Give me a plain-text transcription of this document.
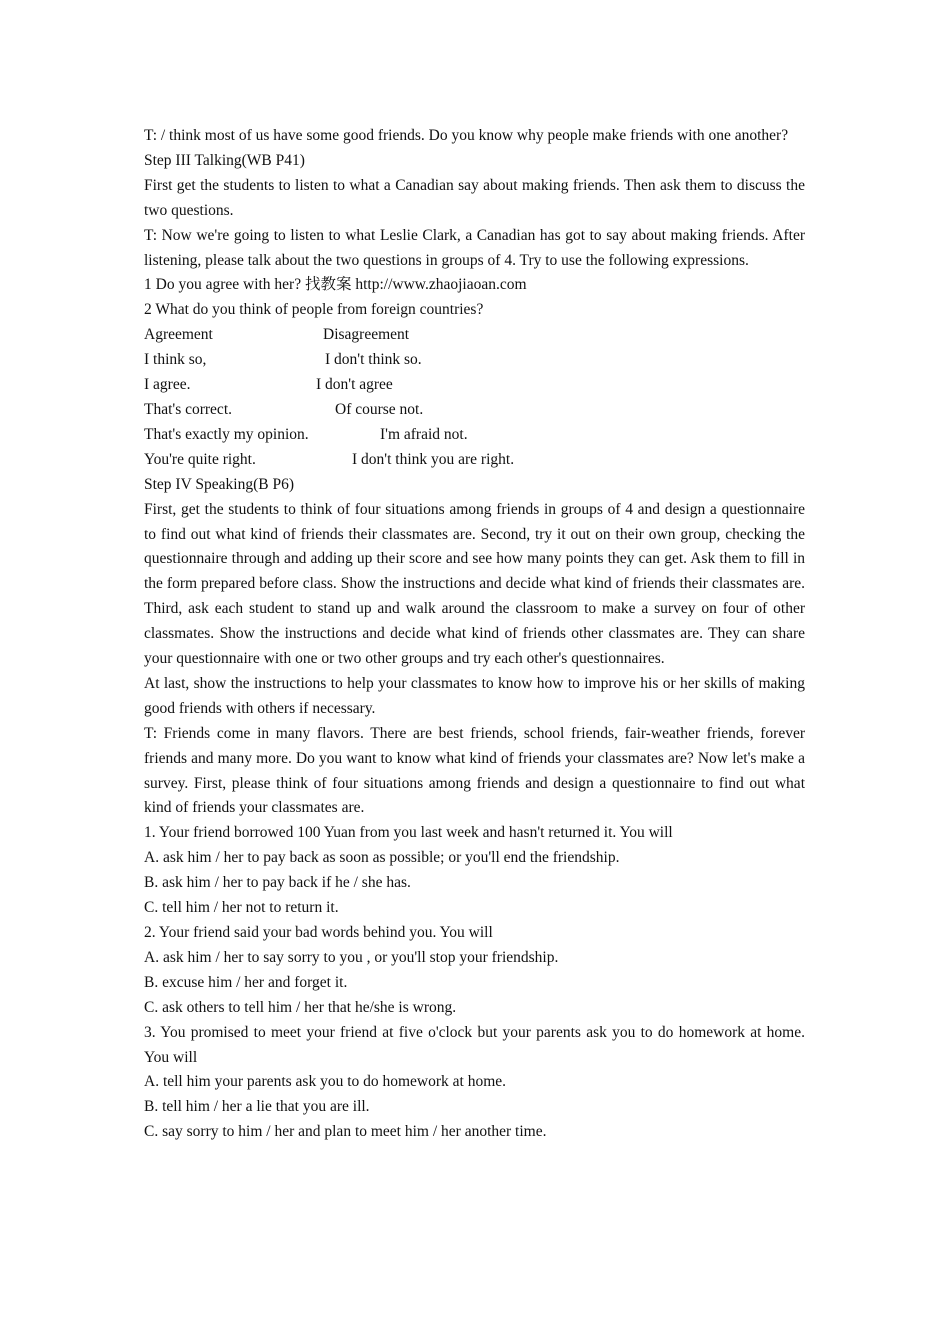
T: / think most of us have some good friends. Do you know why people make friends with one another?

Step III Talking(WB P41)

First get the students to listen to what a Canadian say about making friends. Then ask them to discuss the two questions.

T: Now we're going to listen to what Leslie Clark, a Canadian has got to say about making friends. After listening, please talk about the two questions in groups of 4. Try to use the following expressions.

1 Do you agree with her? 找教案 http://www.zhaojiaoan.com

2 What do you think of people from foreign countries?

Agreement	Disagreement
I think so,	I don't think so.
I agree.	I don't agree
That's correct.	Of course not.
That's exactly my opinion.	I'm afraid not.
You're quite right.	I don't think you are right.

Step IV Speaking(B P6)

First, get the students to think of four situations among friends in groups of 4 and design a questionnaire to find out what kind of friends their classmates are. Second, try it out on their own group, checking the questionnaire through and adding up their score and see how many points they can get. Ask them to fill in the form prepared before class. Show the instructions and decide what kind of friends their classmates are. Third, ask each student to stand up and walk around the classroom to make a survey on four of other classmates. Show the instructions and decide what kind of friends other classmates are. They can share your questionnaire with one or two other groups and try each other's questionnaires.

At last, show the instructions to help your classmates to know how to improve his or her skills of making good friends with others if necessary.

T: Friends come in many flavors. There are best friends, school friends, fair-weather friends, forever friends and many more. Do you want to know what kind of friends your classmates are? Now let's make a survey. First, please think of four situations among friends and design a questionnaire to find out what kind of friends your classmates are.

1. Your friend borrowed 100 Yuan from you last week and hasn't returned it. You will

A. ask him / her to pay back as soon as possible; or you'll end the friendship.

B. ask him / her to pay back if he / she has.

C. tell him / her not to return it.

2. Your friend said your bad words behind you. You will

A. ask him / her to say sorry to you , or you'll stop your friendship.

B. excuse him / her and forget it.

C. ask others to tell him / her that he/she is wrong.

3. You promised to meet your friend at five o'clock but your parents ask you to do homework at home. You will

A. tell him your parents ask you to do homework at home.

B. tell him / her a lie that you are ill.

C. say sorry to him / her and plan to meet him / her another time.
